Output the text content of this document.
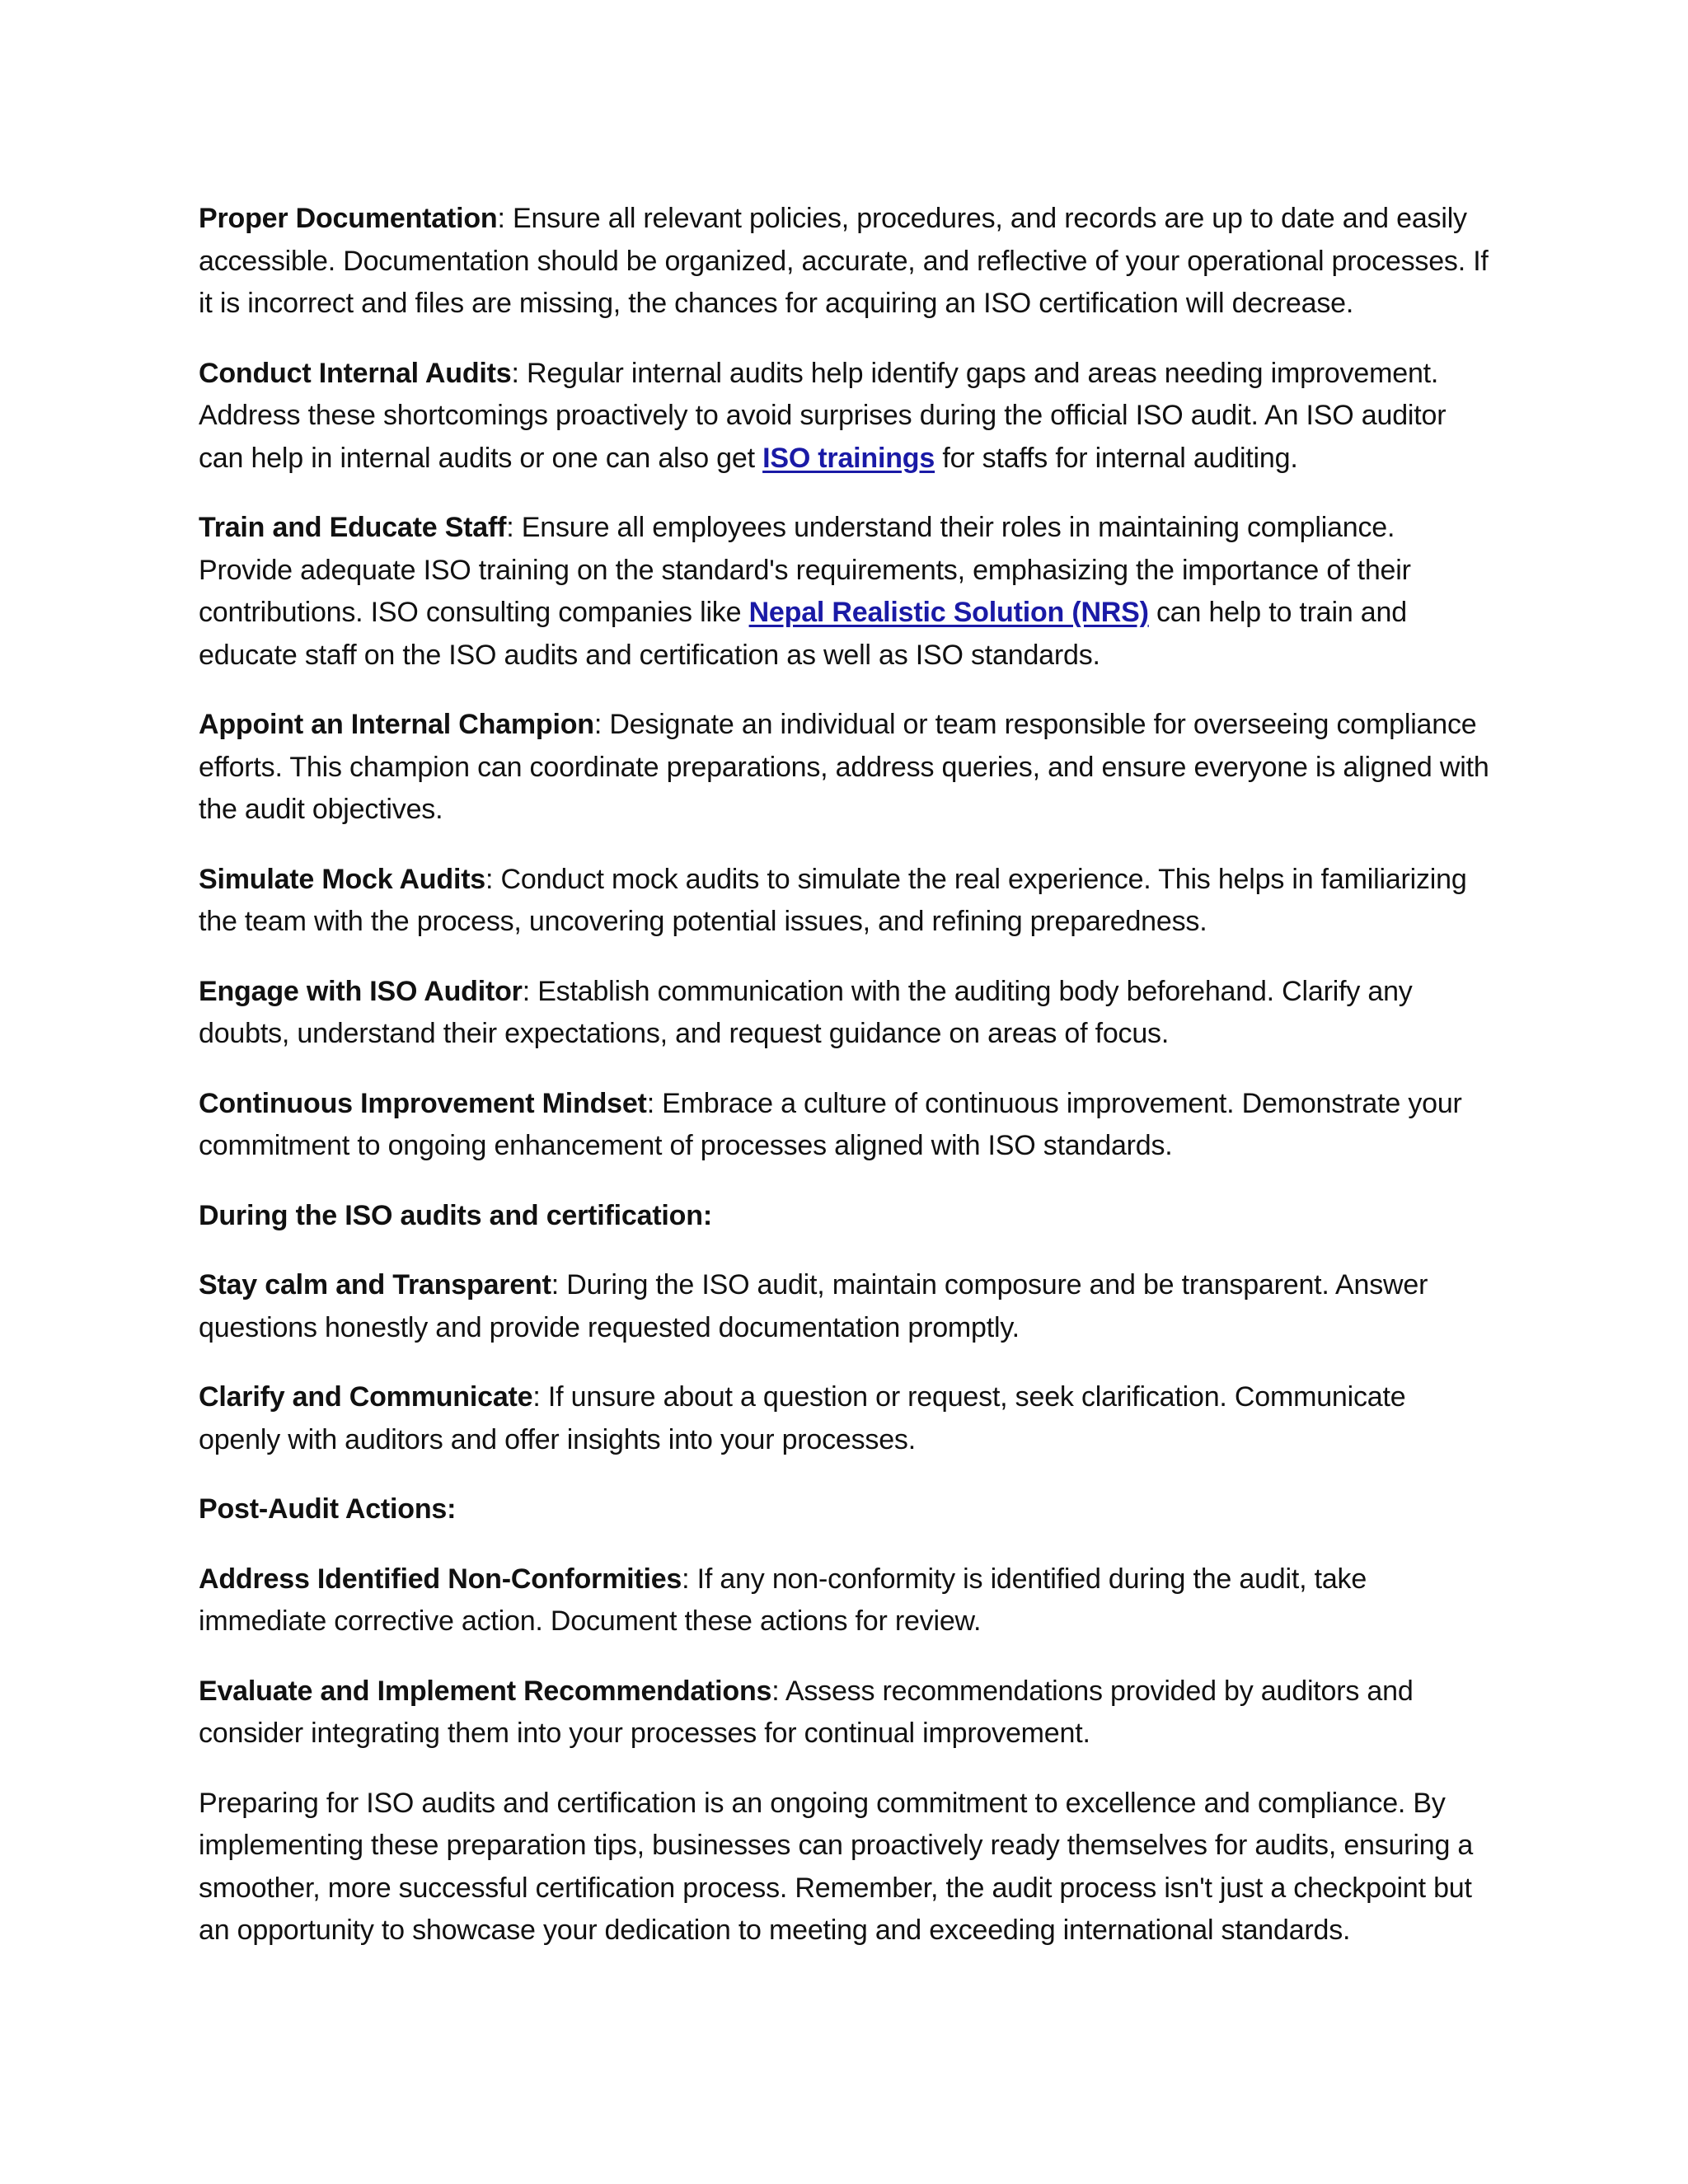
Proper Documentation: Ensure all relevant policies, procedures, and records are up to date and easily accessible. Documentation should be organized, accurate, and reflective of your operational processes. If it is incorrect and files are missing, the chances for acquiring an ISO certification will decrease.

Conduct Internal Audits: Regular internal audits help identify gaps and areas needing improvement. Address these shortcomings proactively to avoid surprises during the official ISO audit. An ISO auditor can help in internal audits or one can also get ISO trainings for staffs for internal auditing.

Train and Educate Staff: Ensure all employees understand their roles in maintaining compliance. Provide adequate ISO training on the standard's requirements, emphasizing the importance of their contributions. ISO consulting companies like Nepal Realistic Solution (NRS) can help to train and educate staff on the ISO audits and certification as well as ISO standards.

Appoint an Internal Champion: Designate an individual or team responsible for overseeing compliance efforts. This champion can coordinate preparations, address queries, and ensure everyone is aligned with the audit objectives.

Simulate Mock Audits: Conduct mock audits to simulate the real experience. This helps in familiarizing the team with the process, uncovering potential issues, and refining preparedness.

Engage with ISO Auditor: Establish communication with the auditing body beforehand. Clarify any doubts, understand their expectations, and request guidance on areas of focus.

Continuous Improvement Mindset: Embrace a culture of continuous improvement. Demonstrate your commitment to ongoing enhancement of processes aligned with ISO standards.

During the ISO audits and certification:

Stay calm and Transparent: During the ISO audit, maintain composure and be transparent. Answer questions honestly and provide requested documentation promptly.

Clarify and Communicate: If unsure about a question or request, seek clarification. Communicate openly with auditors and offer insights into your processes.

Post-Audit Actions:

Address Identified Non-Conformities: If any non-conformity is identified during the audit, take immediate corrective action. Document these actions for review.

Evaluate and Implement Recommendations: Assess recommendations provided by auditors and consider integrating them into your processes for continual improvement.

Preparing for ISO audits and certification is an ongoing commitment to excellence and compliance. By implementing these preparation tips, businesses can proactively ready themselves for audits, ensuring a smoother, more successful certification process. Remember, the audit process isn't just a checkpoint but an opportunity to showcase your dedication to meeting and exceeding international standards.
